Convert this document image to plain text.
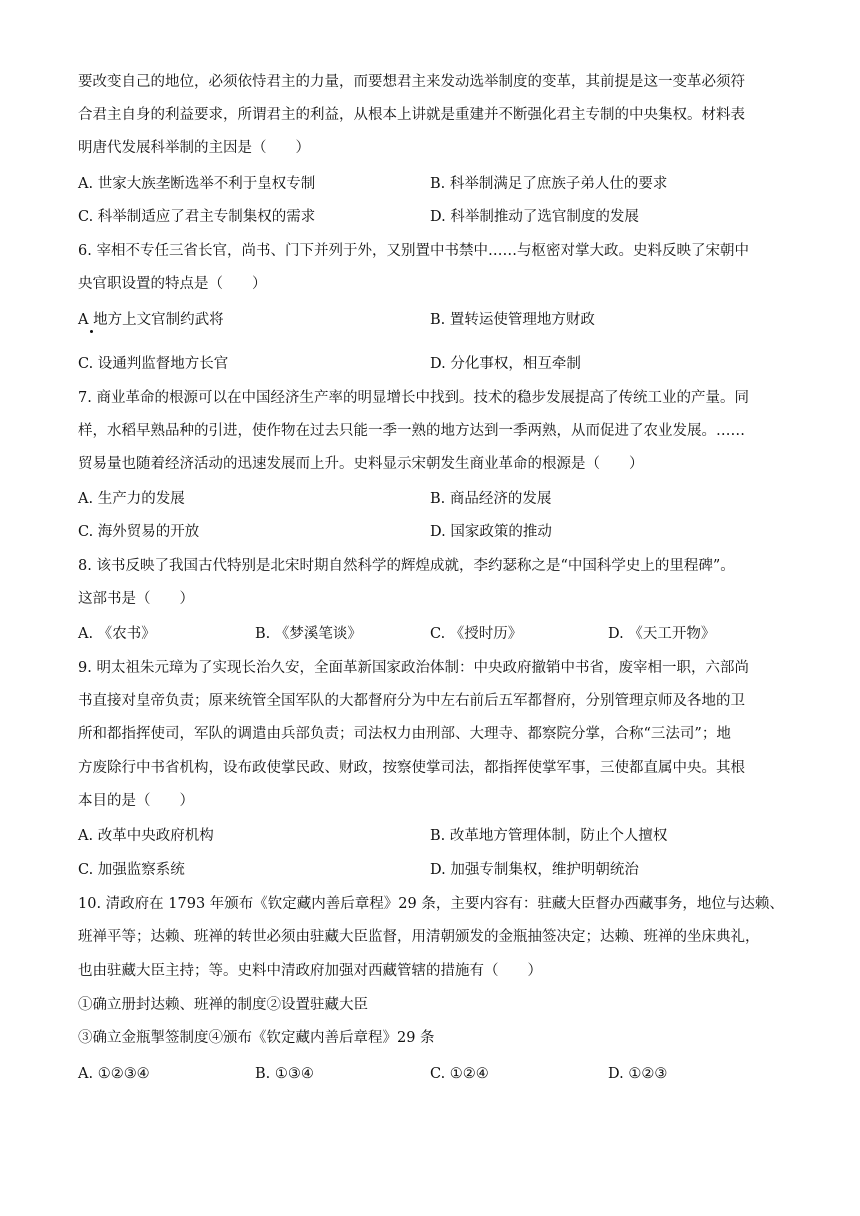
要改变自己的地位，必须依恃君主的力量，而要想君主来发动选举制度的变革，其前提是这一变革必须符
合君主自身的利益要求，所谓君主的利益，从根本上讲就是重建并不断强化君主专制的中央集权。材料表
明唐代发展科举制的主因是（　　）
A. 世家大族垄断选举不利于皇权专制	B. 科举制满足了庶族子弟人仕的要求
C. 科举制适应了君主专制集权的需求	D. 科举制推动了选官制度的发展
6. 宰相不专任三省长官，尚书、门下并列于外，又别置中书禁中……与枢密对掌大政。史料反映了宋朝中
央官职设置的特点是（　　）
A 地方上文官制约武将	B. 置转运使管理地方财政
C. 设通判监督地方长官	D. 分化事权，相互牵制
7. 商业革命的根源可以在中国经济生产率的明显增长中找到。技术的稳步发展提高了传统工业的产量。同
样，水稻早熟品种的引进，使作物在过去只能一季一熟的地方达到一季两熟，从而促进了农业发展。……
贸易量也随着经济活动的迅速发展而上升。史料显示宋朝发生商业革命的根源是（　　）
A. 生产力的发展	B. 商品经济的发展
C. 海外贸易的开放	D. 国家政策的推动
8. 该书反映了我国古代特别是北宋时期自然科学的辉煌成就，李约瑟称之是“中国科学史上的里程碑”。
这部书是（　　）
A. 《农书》	B. 《梦溪笔谈》	C. 《授时历》	D. 《天工开物》
9. 明太祖朱元璋为了实现长治久安，全面革新国家政治体制：中央政府撤销中书省，废宰相一职，六部尚
书直接对皇帝负责；原来统管全国军队的大都督府分为中左右前后五军都督府，分别管理京师及各地的卫
所和都指挥使司，军队的调遣由兵部负责；司法权力由刑部、大理寺、都察院分掌，合称“三法司”；地
方废除行中书省机构，设布政使掌民政、财政，按察使掌司法，都指挥使掌军事，三使都直属中央。其根
本目的是（　　）
A. 改革中央政府机构	B. 改革地方管理体制，防止个人擅权
C. 加强监察系统	D. 加强专制集权，维护明朝统治
10. 清政府在 1793 年颁布《钦定藏内善后章程》29 条，主要内容有：驻藏大臣督办西藏事务，地位与达赖、
班禅平等；达赖、班禅的转世必须由驻藏大臣监督，用清朝颁发的金瓶抽签决定；达赖、班禅的坐床典礼，
也由驻藏大臣主持；等。史料中清政府加强对西藏管辖的措施有（　　）
①确立册封达赖、班禅的制度②设置驻藏大臣
③确立金瓶掣签制度④颁布《钦定藏内善后章程》29 条
A. ①②③④	B. ①③④	C. ①②④	D. ①②③
